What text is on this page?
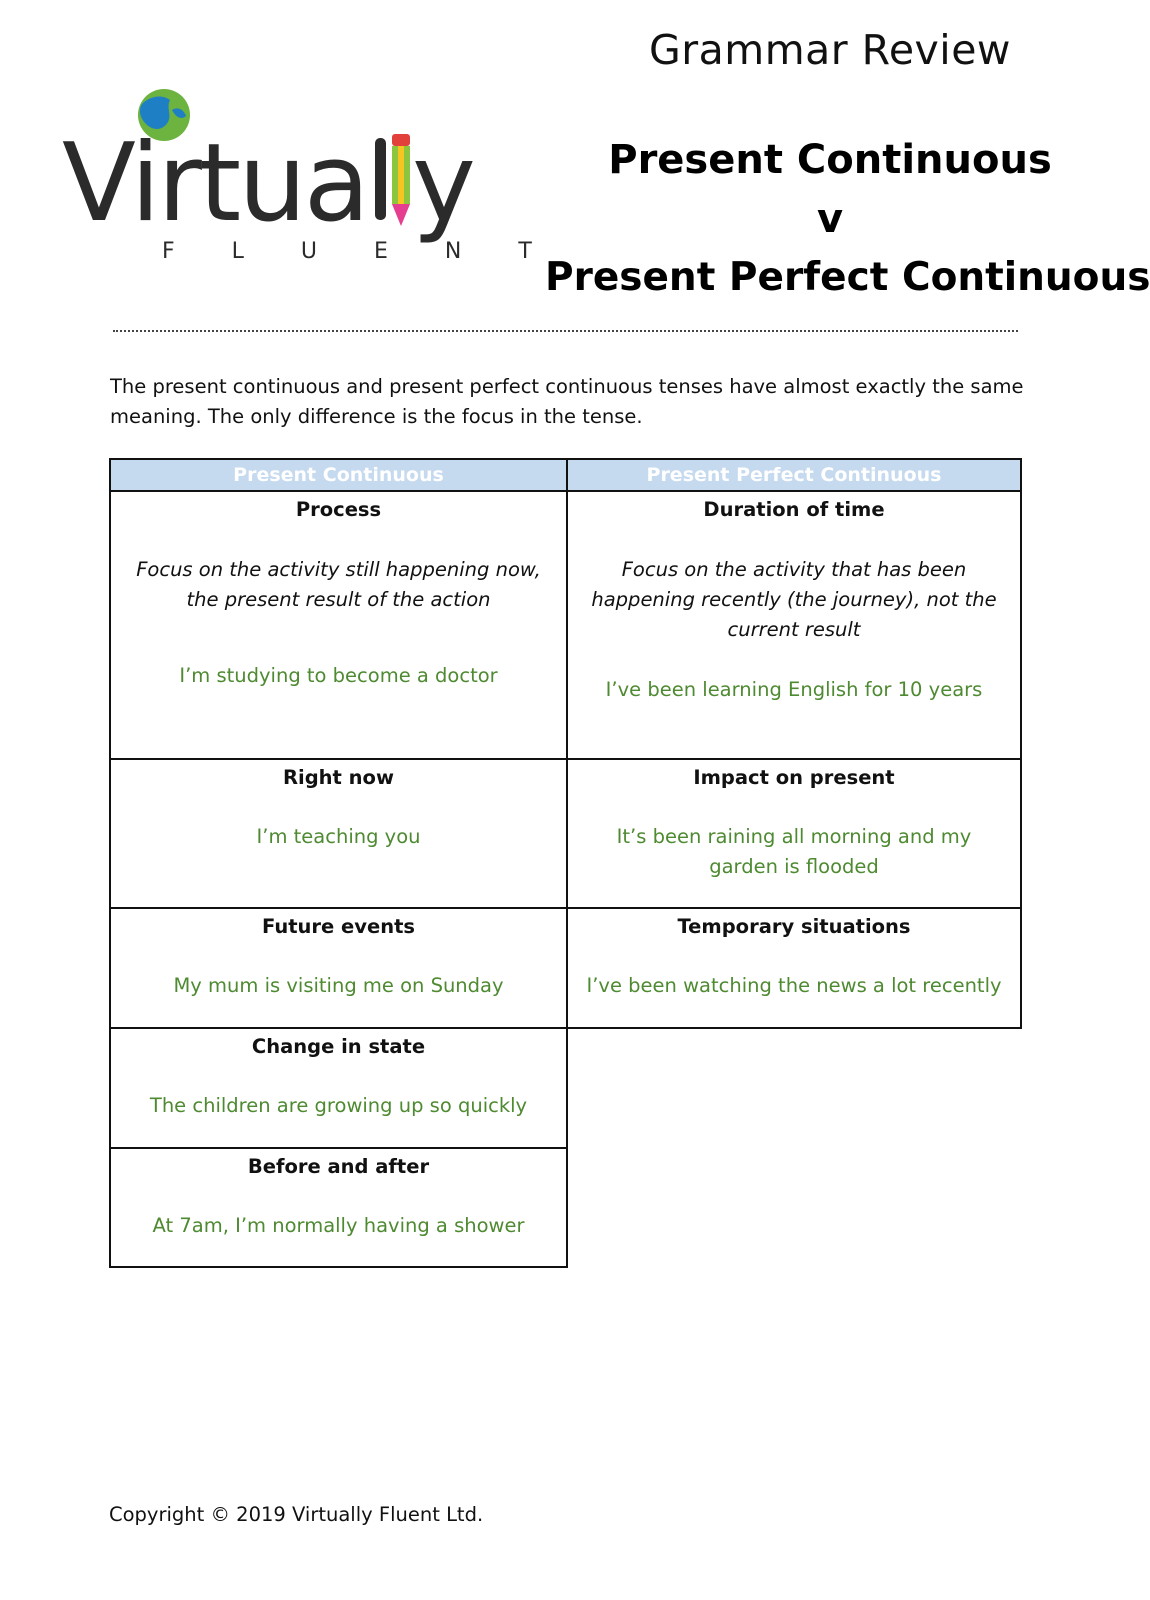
Virtua y
F L U E N T
Grammar Review
Present Continuous
v
Present Perfect Continuous
The present continuous and present perfect continuous tenses have almost exactly the same meaning. The only difference is the focus in the tense.
Present Continuous	Present Perfect Continuous
Process
Focus on the activity still happening now, the present result of the action
I’m studying to become a doctor
Duration of time
Focus on the activity that has been happening recently (the journey), not the current result
I’ve been learning English for 10 years
Right now
I’m teaching you
Impact on present
It’s been raining all morning and my garden is flooded
Future events
My mum is visiting me on Sunday
Temporary situations
I’ve been watching the news a lot recently
Change in state
The children are growing up so quickly
Before and after
At 7am, I’m normally having a shower
Copyright © 2019 Virtually Fluent Ltd.
